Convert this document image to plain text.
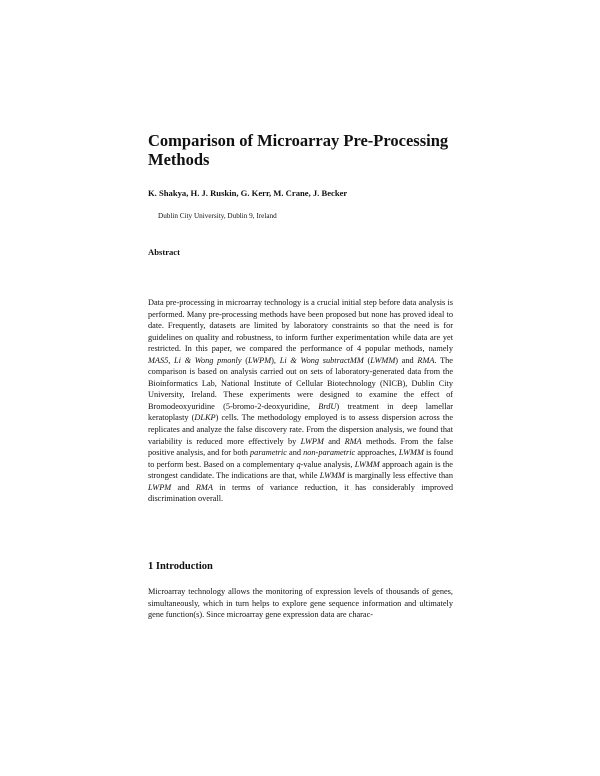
Comparison of Microarray Pre-Processing Methods
K. Shakya, H. J. Ruskin, G. Kerr, M. Crane, J. Becker
Dublin City University, Dublin 9, Ireland
Abstract

Data pre-processing in microarray technology is a crucial initial step before data analysis is performed. Many pre-processing methods have been proposed but none has proved ideal to date. Frequently, datasets are limited by laboratory constraints so that the need is for guidelines on quality and robustness, to inform further experimentation while data are yet restricted. In this paper, we compared the performance of 4 popular methods, namely MAS5, Li & Wong pmonly (LWPM), Li & Wong subtractMM (LWMM) and RMA. The comparison is based on analysis carried out on sets of laboratory-generated data from the Bioinformatics Lab, National Institute of Cellular Biotechnology (NICB), Dublin City University, Ireland. These experiments were designed to examine the effect of Bromodeoxyuridine (5-bromo-2-deoxyuridine, BrdU) treatment in deep lamellar keratoplasty (DLKP) cells. The methodology employed is to assess dispersion across the replicates and analyze the false discovery rate. From the dispersion analysis, we found that variability is reduced more effectively by LWPM and RMA methods. From the false positive analysis, and for both parametric and non-parametric approaches, LWMM is found to perform best. Based on a complementary q-value analysis, LWMM approach again is the strongest candidate. The indications are that, while LWMM is marginally less effective than LWPM and RMA in terms of variance reduction, it has considerably improved discrimination overall.

1 Introduction

Microarray technology allows the monitoring of expression levels of thousands of genes, simultaneously, which in turn helps to explore gene sequence information and ultimately gene function(s). Since microarray gene expression data are charac-
